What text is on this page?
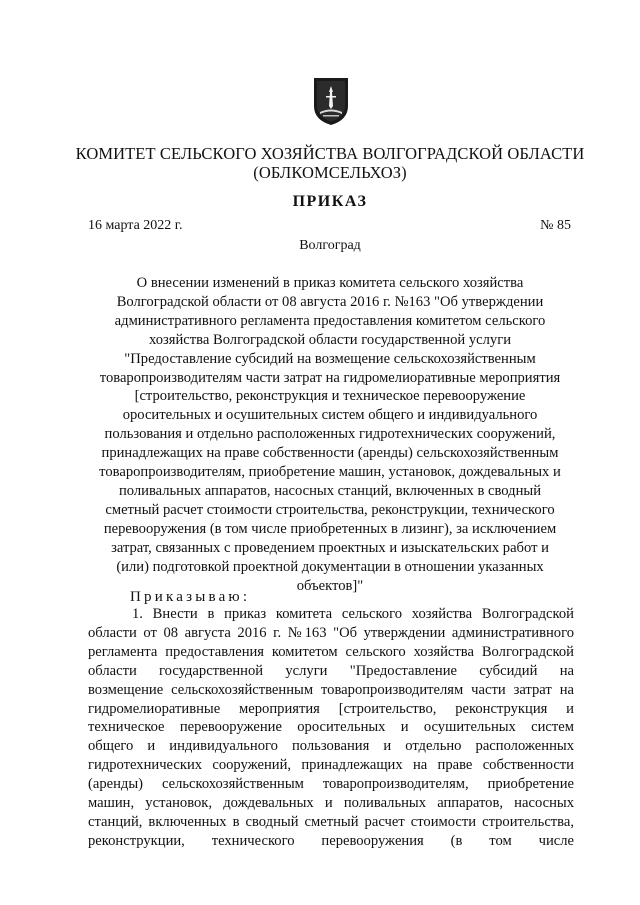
КОМИТЕТ СЕЛЬСКОГО ХОЗЯЙСТВА ВОЛГОГРАДСКОЙ ОБЛАСТИ
(ОБЛКОМСЕЛЬХОЗ)
ПРИКАЗ
16 марта 2022 г.	№ 85
Волгоград
О внесении изменений в приказ комитета сельского хозяйства
Волгоградской области от 08 августа 2016 г. №163 "Об утверждении
административного регламента предоставления комитетом сельского
хозяйства Волгоградской области государственной услуги
"Предоставление субсидий на возмещение сельскохозяйственным
товаропроизводителям части затрат на гидромелиоративные мероприятия
[строительство, реконструкция и техническое перевооружение
оросительных и осушительных систем общего и индивидуального
пользования и отдельно расположенных гидротехнических сооружений,
принадлежащих на праве собственности (аренды) сельскохозяйственным
товаропроизводителям, приобретение машин, установок, дождевальных и
поливальных аппаратов, насосных станций, включенных в сводный
сметный расчет стоимости строительства, реконструкции, технического
перевооружения (в том числе приобретенных в лизинг), за исключением
затрат, связанных с проведением проектных и изыскательских работ и
(или) подготовкой проектной документации в отношении указанных
объектов]"
Приказываю:
1. Внести в приказ комитета сельского хозяйства Волгоградской
области от 08 августа 2016 г. №163 "Об утверждении административного
регламента предоставления комитетом сельского хозяйства Волгоградской
области государственной услуги "Предоставление субсидий на
возмещение сельскохозяйственным товаропроизводителям части затрат на
гидромелиоративные мероприятия [строительство, реконструкция и
техническое перевооружение оросительных и осушительных систем
общего и индивидуального пользования и отдельно расположенных
гидротехнических сооружений, принадлежащих на праве собственности
(аренды) сельскохозяйственным товаропроизводителям, приобретение
машин, установок, дождевальных и поливальных аппаратов, насосных
станций, включенных в сводный сметный расчет стоимости строительства,
реконструкции, технического перевооружения (в том числе
